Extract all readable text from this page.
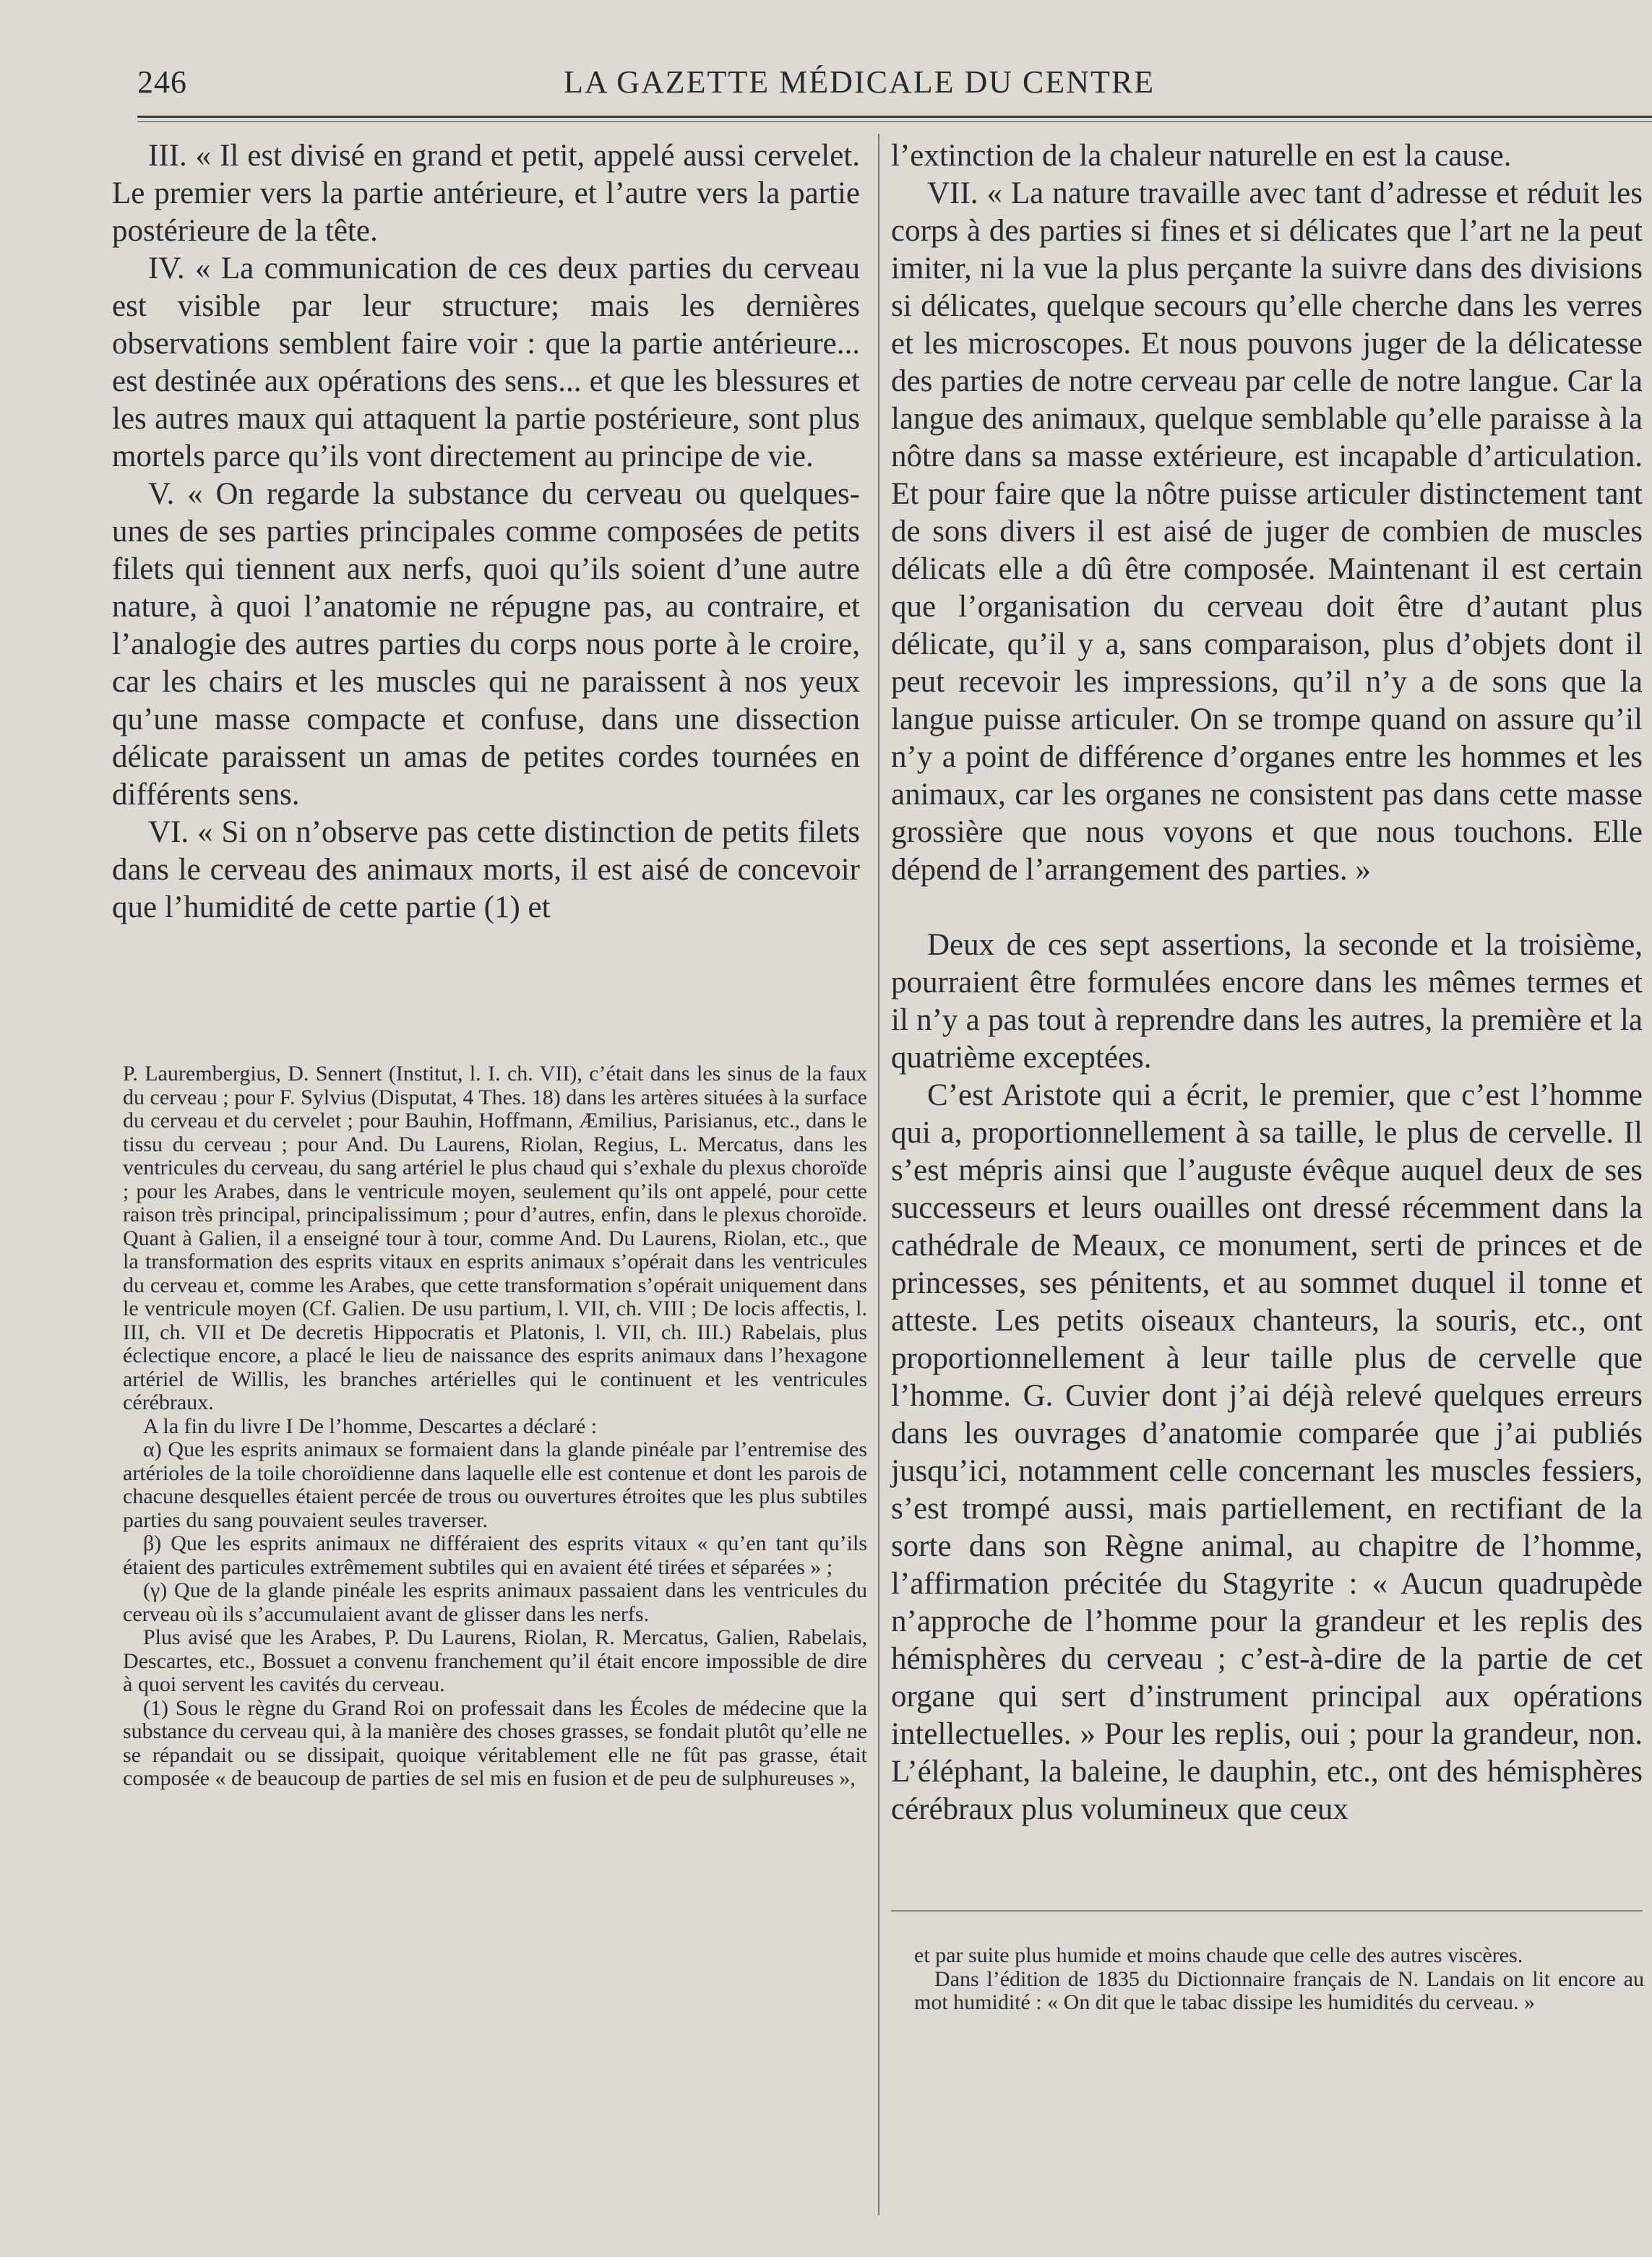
246	LA GAZETTE MÉDICALE DU CENTRE

III. « Il est divisé en grand et petit, appelé aussi cervelet. Le premier vers la partie antérieure, et l’autre vers la partie postérieure de la tête.

IV. « La communication de ces deux parties du cerveau est visible par leur structure; mais les dernières observations semblent faire voir : que la partie antérieure... est destinée aux opérations des sens... et que les blessures et les autres maux qui attaquent la partie postérieure, sont plus mortels parce qu’ils vont directement au principe de vie.

V. « On regarde la substance du cerveau ou quelques-unes de ses parties principales comme composées de petits filets qui tiennent aux nerfs, quoi qu’ils soient d’une autre nature, à quoi l’anatomie ne répugne pas, au contraire, et l’analogie des autres parties du corps nous porte à le croire, car les chairs et les muscles qui ne paraissent à nos yeux qu’une masse compacte et confuse, dans une dissection délicate paraissent un amas de petites cordes tournées en différents sens.

VI. « Si on n’observe pas cette distinction de petits filets dans le cerveau des animaux morts, il est aisé de concevoir que l’humidité de cette partie (1) et

P. Laurembergius, D. Sennert (Institut, l. I. ch. VII), c’était dans les sinus de la faux du cerveau ; pour F. Sylvius (Disputat, 4 Thes. 18) dans les artères situées à la surface du cerveau et du cervelet ; pour Bauhin, Hoffmann, Æmilius, Parisianus, etc., dans le tissu du cerveau ; pour And. Du Laurens, Riolan, Regius, L. Mercatus, dans les ventricules du cerveau, du sang artériel le plus chaud qui s’exhale du plexus choroïde ; pour les Arabes, dans le ventricule moyen, seulement qu’ils ont appelé, pour cette raison très principal, principalissimum ; pour d’autres, enfin, dans le plexus choroïde. Quant à Galien, il a enseigné tour à tour, comme And. Du Laurens, Riolan, etc., que la transformation des esprits vitaux en esprits animaux s’opérait dans les ventricules du cerveau et, comme les Arabes, que cette transformation s’opérait uniquement dans le ventricule moyen (Cf. Galien. De usu partium, l. VII, ch. VIII ; De locis affectis, l. III, ch. VII et De decretis Hippocratis et Platonis, l. VII, ch. III.) Rabelais, plus éclectique encore, a placé le lieu de naissance des esprits animaux dans l’hexagone artériel de Willis, les branches artérielles qui le continuent et les ventricules cérébraux.

A la fin du livre I De l’homme, Descartes a déclaré :

α) Que les esprits animaux se formaient dans la glande pinéale par l’entremise des artérioles de la toile choroïdienne dans laquelle elle est contenue et dont les parois de chacune desquelles étaient percée de trous ou ouvertures étroites que les plus subtiles parties du sang pouvaient seules traverser.

β) Que les esprits animaux ne différaient des esprits vitaux « qu’en tant qu’ils étaient des particules extrêmement subtiles qui en avaient été tirées et séparées » ;

(γ) Que de la glande pinéale les esprits animaux passaient dans les ventricules du cerveau où ils s’accumulaient avant de glisser dans les nerfs.

Plus avisé que les Arabes, P. Du Laurens, Riolan, R. Mercatus, Galien, Rabelais, Descartes, etc., Bossuet a convenu franchement qu’il était encore impossible de dire à quoi servent les cavités du cerveau.

(1) Sous le règne du Grand Roi on professait dans les Écoles de médecine que la substance du cerveau qui, à la manière des choses grasses, se fondait plutôt qu’elle ne se répandait ou se dissipait, quoique véritablement elle ne fût pas grasse, était composée « de beaucoup de parties de sel mis en fusion et de peu de sulphureuses »,

l’extinction de la chaleur naturelle en est la cause.

VII. « La nature travaille avec tant d’adresse et réduit les corps à des parties si fines et si délicates que l’art ne la peut imiter, ni la vue la plus perçante la suivre dans des divisions si délicates, quelque secours qu’elle cherche dans les verres et les microscopes. Et nous pouvons juger de la délicatesse des parties de notre cerveau par celle de notre langue. Car la langue des animaux, quelque semblable qu’elle paraisse à la nôtre dans sa masse extérieure, est incapable d’articulation. Et pour faire que la nôtre puisse articuler distinctement tant de sons divers il est aisé de juger de combien de muscles délicats elle a dû être composée. Maintenant il est certain que l’organisation du cerveau doit être d’autant plus délicate, qu’il y a, sans comparaison, plus d’objets dont il peut recevoir les impressions, qu’il n’y a de sons que la langue puisse articuler. On se trompe quand on assure qu’il n’y a point de différence d’organes entre les hommes et les animaux, car les organes ne consistent pas dans cette masse grossière que nous voyons et que nous touchons. Elle dépend de l’arrangement des parties. »

Deux de ces sept assertions, la seconde et la troisième, pourraient être formulées encore dans les mêmes termes et il n’y a pas tout à reprendre dans les autres, la première et la quatrième exceptées.

C’est Aristote qui a écrit, le premier, que c’est l’homme qui a, proportionnellement à sa taille, le plus de cervelle. Il s’est mépris ainsi que l’auguste évêque auquel deux de ses successeurs et leurs ouailles ont dressé récemment dans la cathédrale de Meaux, ce monument, serti de princes et de princesses, ses pénitents, et au sommet duquel il tonne et atteste. Les petits oiseaux chanteurs, la souris, etc., ont proportionnellement à leur taille plus de cervelle que l’homme. G. Cuvier dont j’ai déjà relevé quelques erreurs dans les ouvrages d’anatomie comparée que j’ai publiés jusqu’ici, notamment celle concernant les muscles fessiers, s’est trompé aussi, mais partiellement, en rectifiant de la sorte dans son Règne animal, au chapitre de l’homme, l’affirmation précitée du Stagyrite : « Aucun quadrupède n’approche de l’homme pour la grandeur et les replis des hémisphères du cerveau ; c’est-à-dire de la partie de cet organe qui sert d’instrument principal aux opérations intellectuelles. » Pour les replis, oui ; pour la grandeur, non. L’éléphant, la baleine, le dauphin, etc., ont des hémisphères cérébraux plus volumineux que ceux

et par suite plus humide et moins chaude que celle des autres viscères.

Dans l’édition de 1835 du Dictionnaire français de N. Landais on lit encore au mot humidité : « On dit que le tabac dissipe les humidités du cerveau. »
